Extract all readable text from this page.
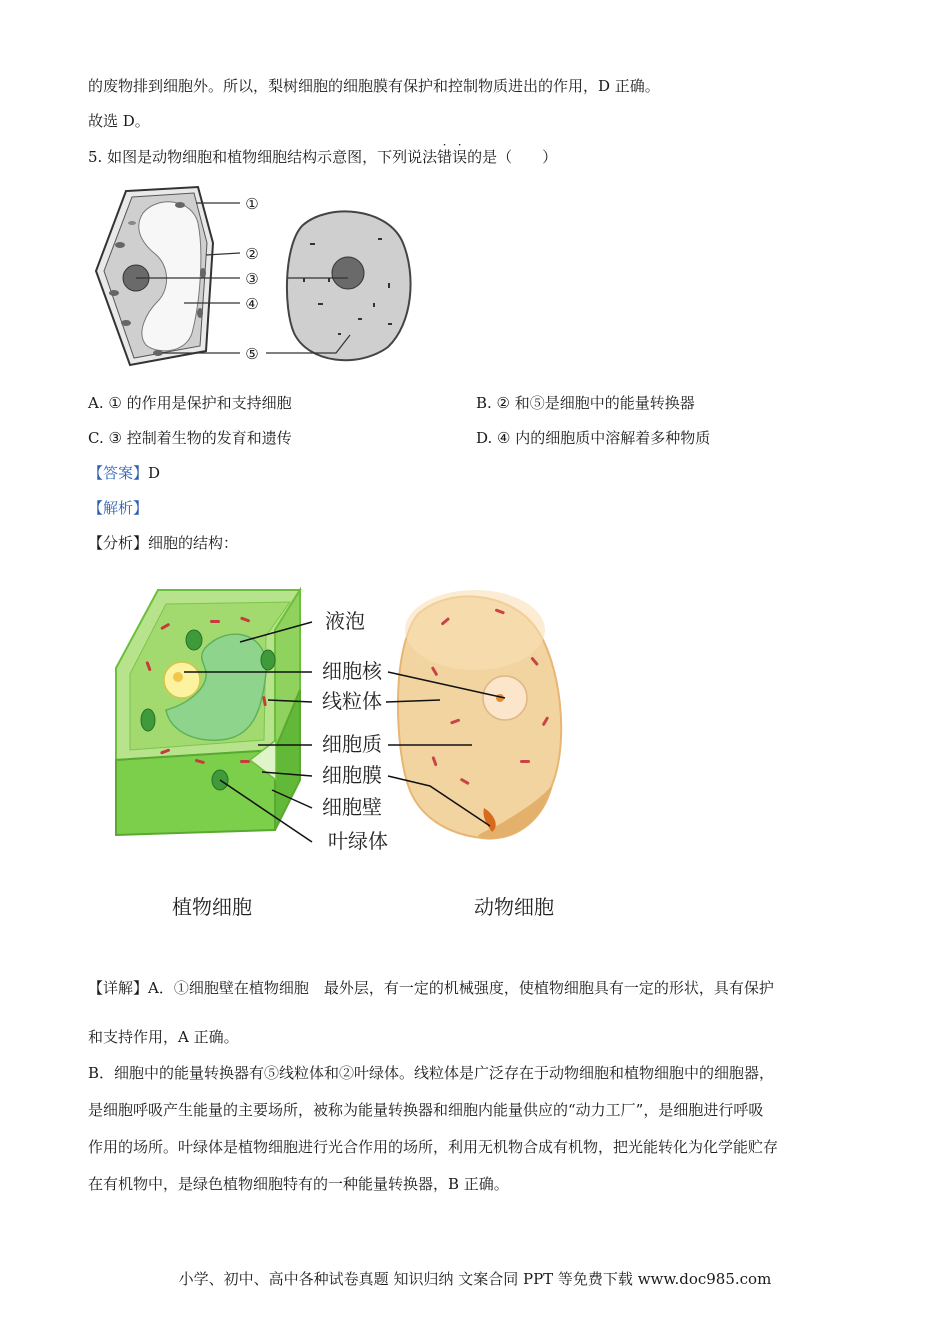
的废物排到细胞外。所以，梨树细胞的细胞膜有保护和控制物质进出的作用，D 正确。
故选 D。
5. 如图是动物细胞和植物细胞结构示意图，下列说法
·
错
·
误的是（　　）
①
②
③
④
⑤
A. ① 的作用是保护和支持细胞	B. ② 和⑤是细胞中的能量转换器
C. ③ 控制着生物的发育和遗传	D. ④ 内的细胞质中溶解着多种物质
【答案】D
【解析】
【分析】细胞的结构：
液泡
细胞核
线粒体
细胞质
细胞膜
细胞壁
叶绿体
植物细胞	动物细胞
【详解】A．①细胞壁在植物细胞　最外层，有一定的机械强度，使植物细胞具有一定的形状，具有保护
和支持作用，A 正确。
B．细胞中的能量转换器有⑤线粒体和②叶绿体。线粒体是广泛存在于动物细胞和植物细胞中的细胞器，
是细胞呼吸产生能量的主要场所，被称为能量转换器和细胞内能量供应的“动力工厂”，是细胞进行呼吸
作用的场所。叶绿体是植物细胞进行光合作用的场所，利用无机物合成有机物，把光能转化为化学能贮存
在有机物中，是绿色植物细胞特有的一种能量转换器，B 正确。
小学、初中、高中各种试卷真题 知识归纳 文案合同 PPT 等免费下载 www.doc985.com
